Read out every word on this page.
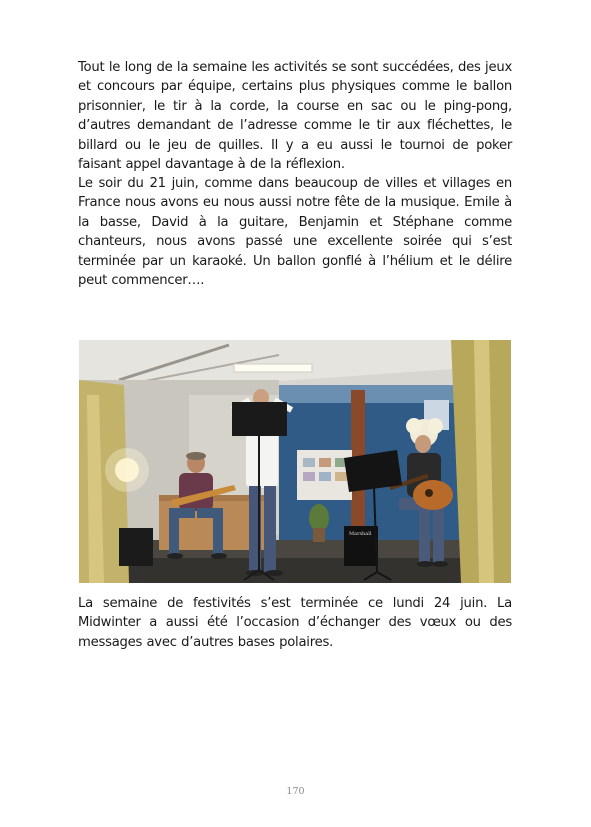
Tout le long de la semaine les activités se sont succédées, des jeux et concours par équipe, certains plus physiques comme le ballon prisonnier, le tir à la corde, la course en sac ou le ping-pong, d’autres demandant de l’adresse comme le tir aux fléchettes, le billard ou le jeu de quilles. Il y a eu aussi le tournoi de poker faisant appel davantage à de la réflexion.

Le soir du 21 juin, comme dans beaucoup de villes et villages en France nous avons eu nous aussi notre fête de la musique. Emile à la basse, David à la guitare, Benjamin et Stéphane comme chanteurs, nous avons passé une excellente soirée qui s’est terminée par un karaoké. Un ballon gonflé à l’hélium et le délire peut commencer….

Marshall

La semaine de festivités s’est terminée ce lundi 24 juin. La Midwinter a aussi été l’occasion d’échanger des vœux ou des messages avec d’autres bases polaires.

170
